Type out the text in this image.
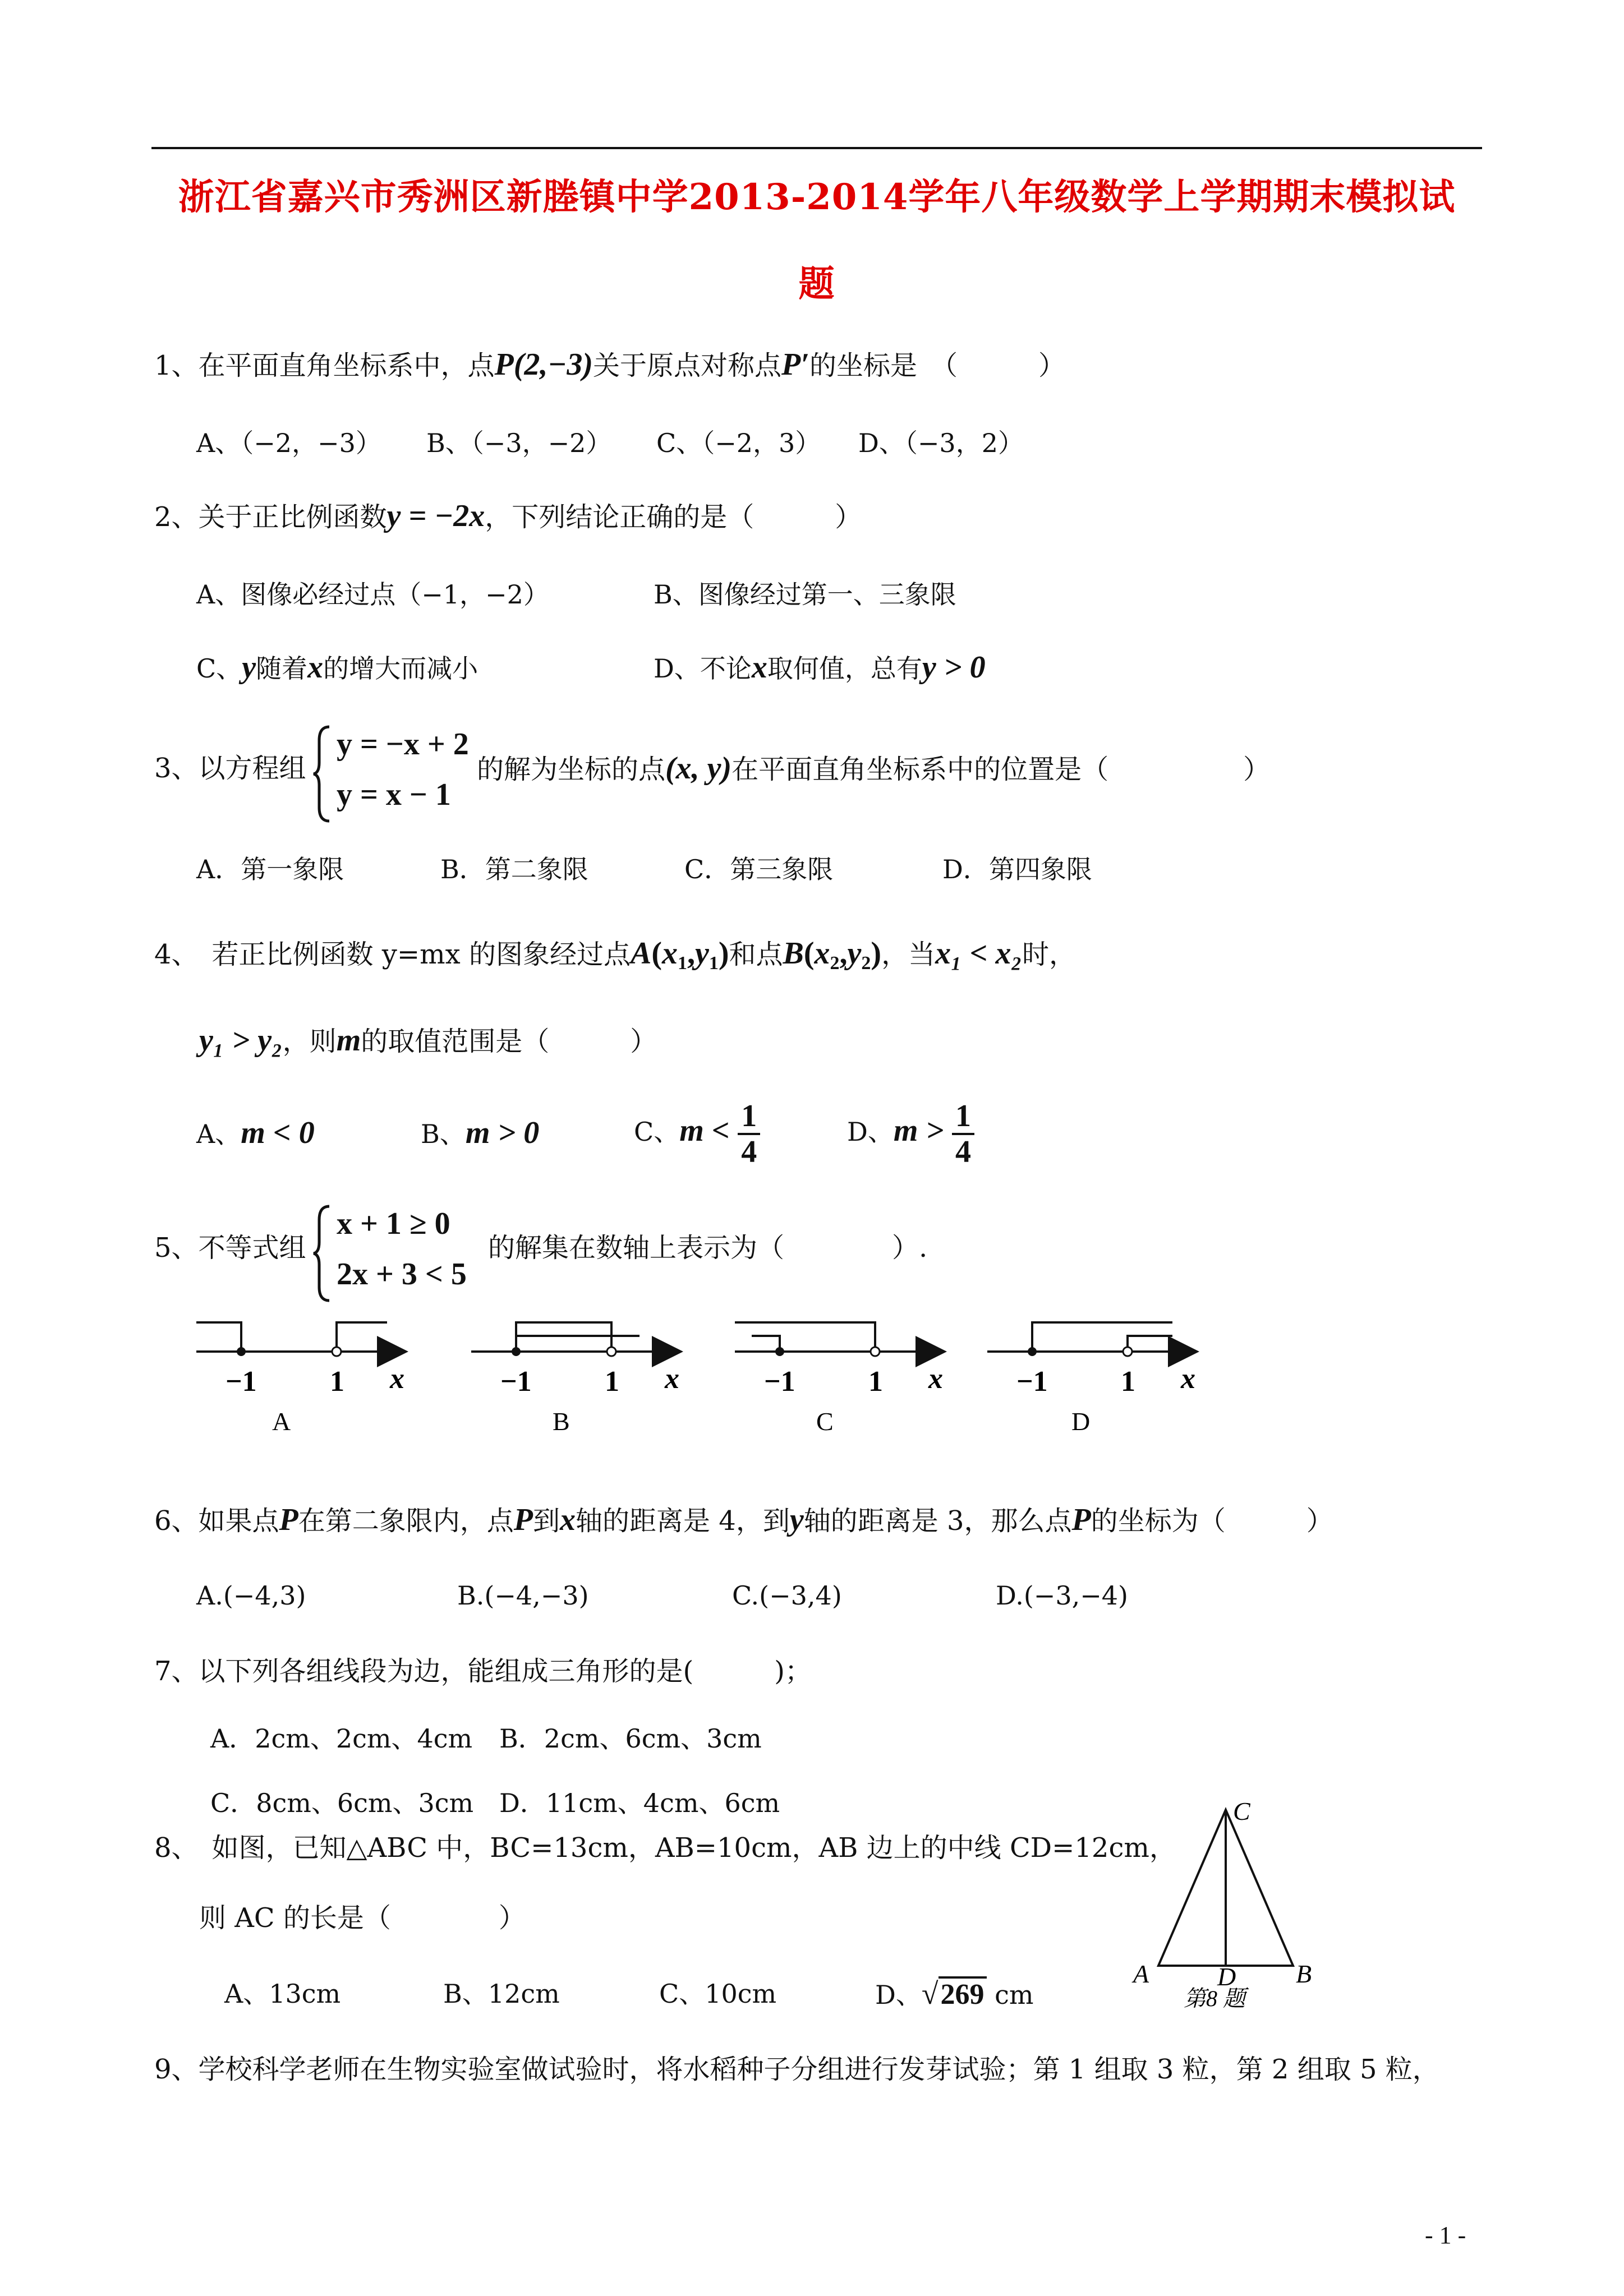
浙江省嘉兴市秀洲区新塍镇中学2013-2014学年八年级数学上学期期末模拟试
题
1、在平面直角坐标系中，点P(2,−3)关于原点对称点P′的坐标是　（　　　）
A、（−2，−3） B、（−3，−2） C、（−2，3） D、（−3，2）
2、关于正比例函数y = −2x，下列结论正确的是（　　　）
A、图像必经过点（−1，−2）	B、图像经过第一、三象限
C、y随着x的增大而减小	D、不论x取何值，总有y > 0
3、以方程组
y = −x + 2
y = x − 1
的解为坐标的点(x, y)在平面直角坐标系中的位置是（　　　　　）
A．第一象限	B．第二象限	C．第三象限	D．第四象限
4、　若正比例函数 y=mx 的图象经过点$A(x_1,y_1)$和点$B(x_2,y_2)$，当x₁ < x₂时，
y₁ > y₂，则m的取值范围是（　　　）
A、m < 0	B、m > 0	C、$m < \frac{1}{4}$	D、$m > \frac{1}{4}$
5、不等式组
x + 1 ≥ 0
2x + 3 < 5
的解集在数轴上表示为（　　　　）.
−1	1 x
A
−1	1 x
B
−1	1 x
C
−1	1 x
D
6、如果点P在第二象限内，点P到x轴的距离是 4，到y轴的距离是 3，那么点P的坐标为（　　　）
A.(−4,3)	B.(−4,−3)	C.(−3,4)	D.(−3,−4)
7、以下列各组线段为边，能组成三角形的是(　　　)；
A．2cm、2cm、4cm B．2cm、6cm、3cm
C．8cm、6cm、3cm D．11cm、4cm、6cm
8、　如图，已知△ABC 中，BC=13cm，AB=10cm，AB 边上的中线 CD=12cm，
则 AC 的长是（　　　　）
A、13cm	B、12cm	C、10cm	D、√269 cm
C
A	D B
第8 题
9、学校科学老师在生物实验室做试验时，将水稻种子分组进行发芽试验；第 1 组取 3 粒，第 2 组取 5 粒，
- 1 -
